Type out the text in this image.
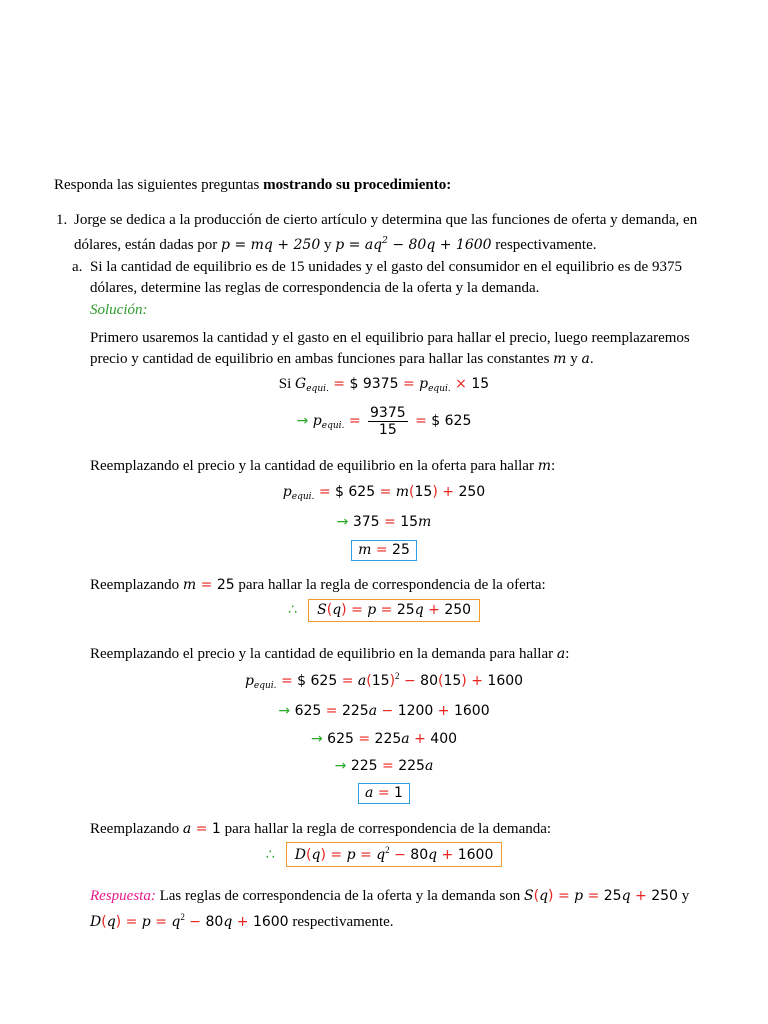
Responda las siguientes preguntas mostrando su procedimiento:
1. Jorge se dedica a la producción de cierto artículo y determina que las funciones de oferta y demanda, en dólares, están dadas por p = mq + 250 y $p = aq^2 - 80q + 1600$ respectivamente.
a. Si la cantidad de equilibrio es de 15 unidades y el gasto del consumidor en el equilibrio es de 9375 dólares, determine las reglas de correspondencia de la oferta y la demanda.
Solución:
Primero usaremos la cantidad y el gasto en el equilibrio para hallar el precio, luego reemplazaremos precio y cantidad de equilibrio en ambas funciones para hallar las constantes m y a.
Si $G_{equi.}$ = $ $9375 = p_{equi.} \times 15$
→ $p_{equi.} = \frac{9375}{15}$ = $ 625
Reemplazando el precio y la cantidad de equilibrio en la oferta para hallar m:
$p_{equi.}$ = $ 625 = m(15) + 250
→ 375 = 15m
m = 25
Reemplazando m = 25 para hallar la regla de correspondencia de la oferta:
∴ S(q) = p = 25q + 250
Reemplazando el precio y la cantidad de equilibrio en la demanda para hallar a:
$p_{equi.}$ = $ $625 = a(15)^2 - 80(15) + 1600$
→ 625 = 225a − 1200 + 1600
→ 625 = 225a + 400
→ 225 = 225a
a = 1
Reemplazando a = 1 para hallar la regla de correspondencia de la demanda:
∴ $D(q) = p = q^2 - 80q + 1600$
Respuesta: Las reglas de correspondencia de la oferta y la demanda son S(q) = p = 25q + 250 y
$D(q) = p = q^2 - 80q + 1600$ respectivamente.
